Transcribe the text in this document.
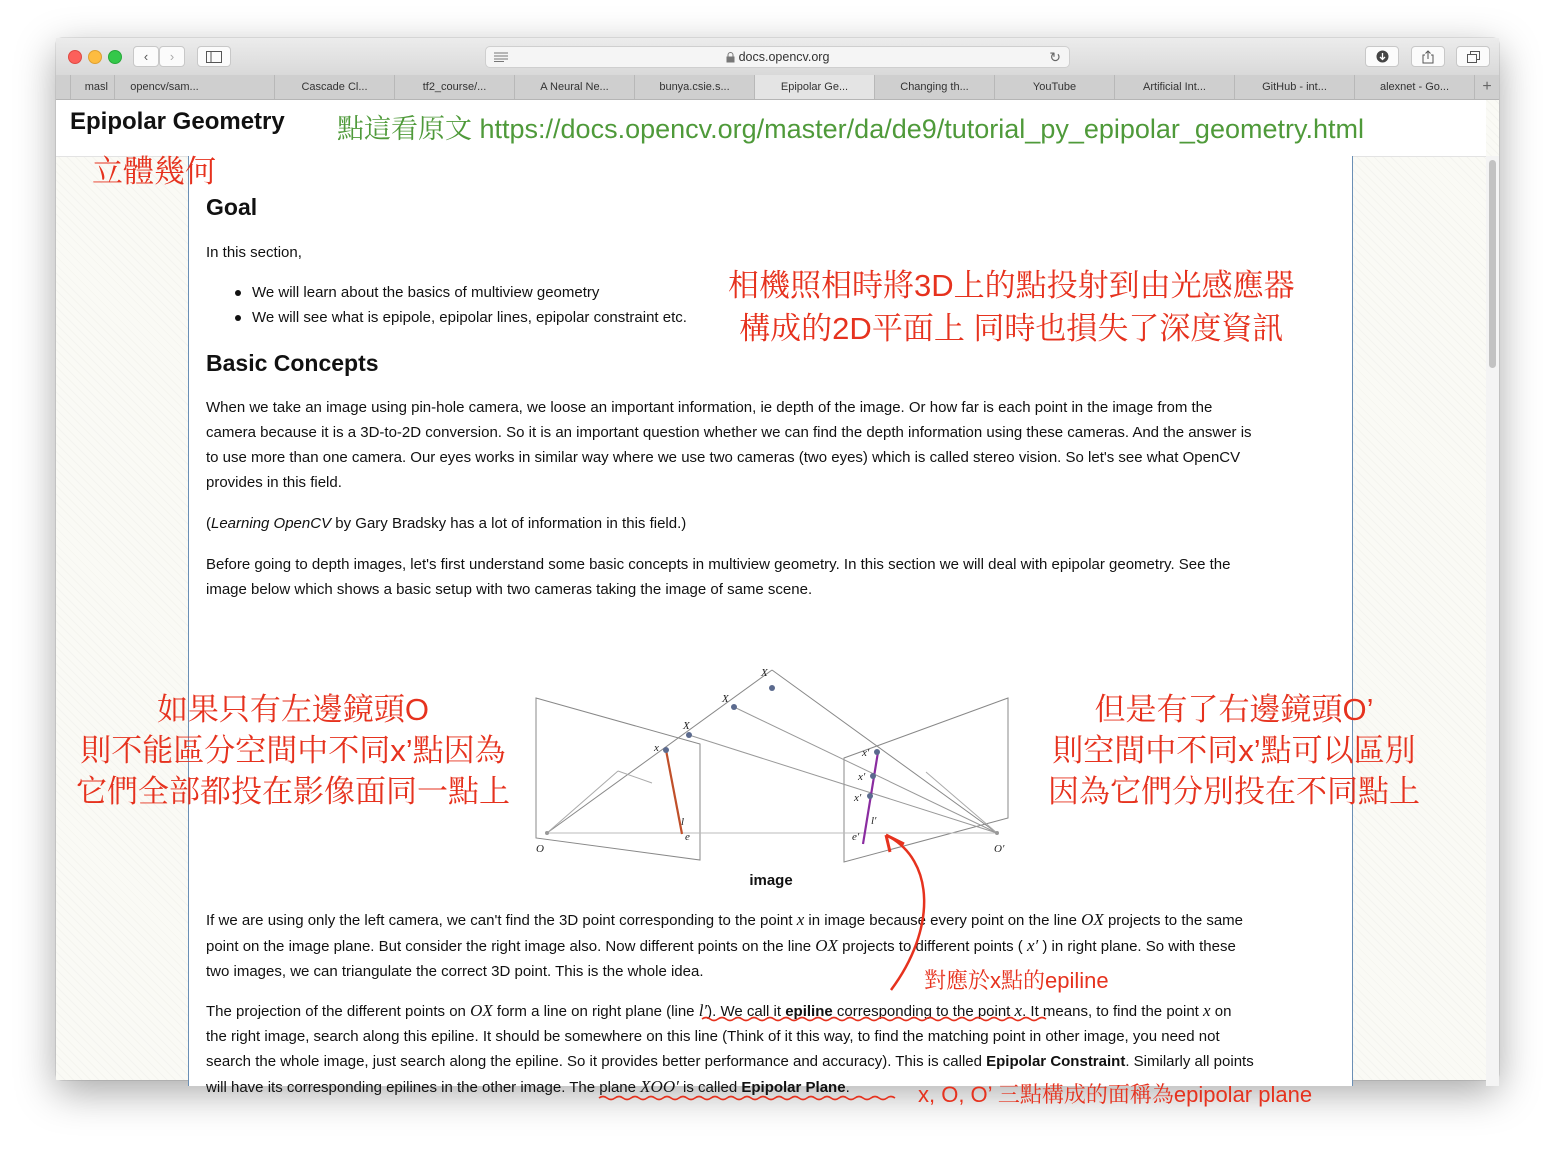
‹ ›	docs.opencv.org	↻
masl	opencv/sam...	Cascade Cl...	tf2_course/...	A Neural Ne...	bunya.csie.s...	Epipolar Ge...	Changing th...	YouTube	Artificial Int...	GitHub - int...	alexnet - Go...	+
Epipolar Geometry 點這看原文 https://docs.opencv.org/master/da/de9/tutorial_py_epipolar_geometry.html
立體幾何
Goal
In this section,
We will learn about the basics of multiview geometry
We will see what is epipole, epipolar lines, epipolar constraint etc.
Basic Concepts
When we take an image using pin-hole camera, we loose an important information, ie depth of the image. Or how far is each point in the image from the
camera because it is a 3D-to-2D conversion. So it is an important question whether we can find the depth information using these cameras. And the answer is
to use more than one camera. Our eyes works in similar way where we use two cameras (two eyes) which is called stereo vision. So let's see what OpenCV
provides in this field.
(Learning OpenCV by Gary Bradsky has a lot of information in this field.)
Before going to depth images, let's first understand some basic concepts in multiview geometry. In this section we will deal with epipolar geometry. See the
image below which shows a basic setup with two cameras taking the image of same scene.
X
X
X
x
l
e
O
x′
x′
x′
l′
e′
O′
image
If we are using only the left camera, we can't find the 3D point corresponding to the point x in image because every point on the line OX projects to the same
point on the image plane. But consider the right image also. Now different points on the line OX projects to different points ( x′ ) in right plane. So with these
two images, we can triangulate the correct 3D point. This is the whole idea.
The projection of the different points on OX form a line on right plane (line l′). We call it epiline corresponding to the point x. It means, to find the point x on
the right image, search along this epiline. It should be somewhere on this line (Think of it this way, to find the matching point in other image, you need not
search the whole image, just search along the epiline. So it provides better performance and accuracy). This is called Epipolar Constraint. Similarly all points
will have its corresponding epilines in the other image. The plane XOO′ is called Epipolar Plane.
相機照相時將3D上的點投射到由光感應器
構成的2D平面上 同時也損失了深度資訊
如果只有左邊鏡頭O
則不能區分空間中不同x’點因為
它們全部都投在影像面同一點上
但是有了右邊鏡頭O’
則空間中不同x’點可以區別
因為它們分別投在不同點上
對應於x點的epiline
x, O, O’ 三點構成的面稱為epipolar plane
